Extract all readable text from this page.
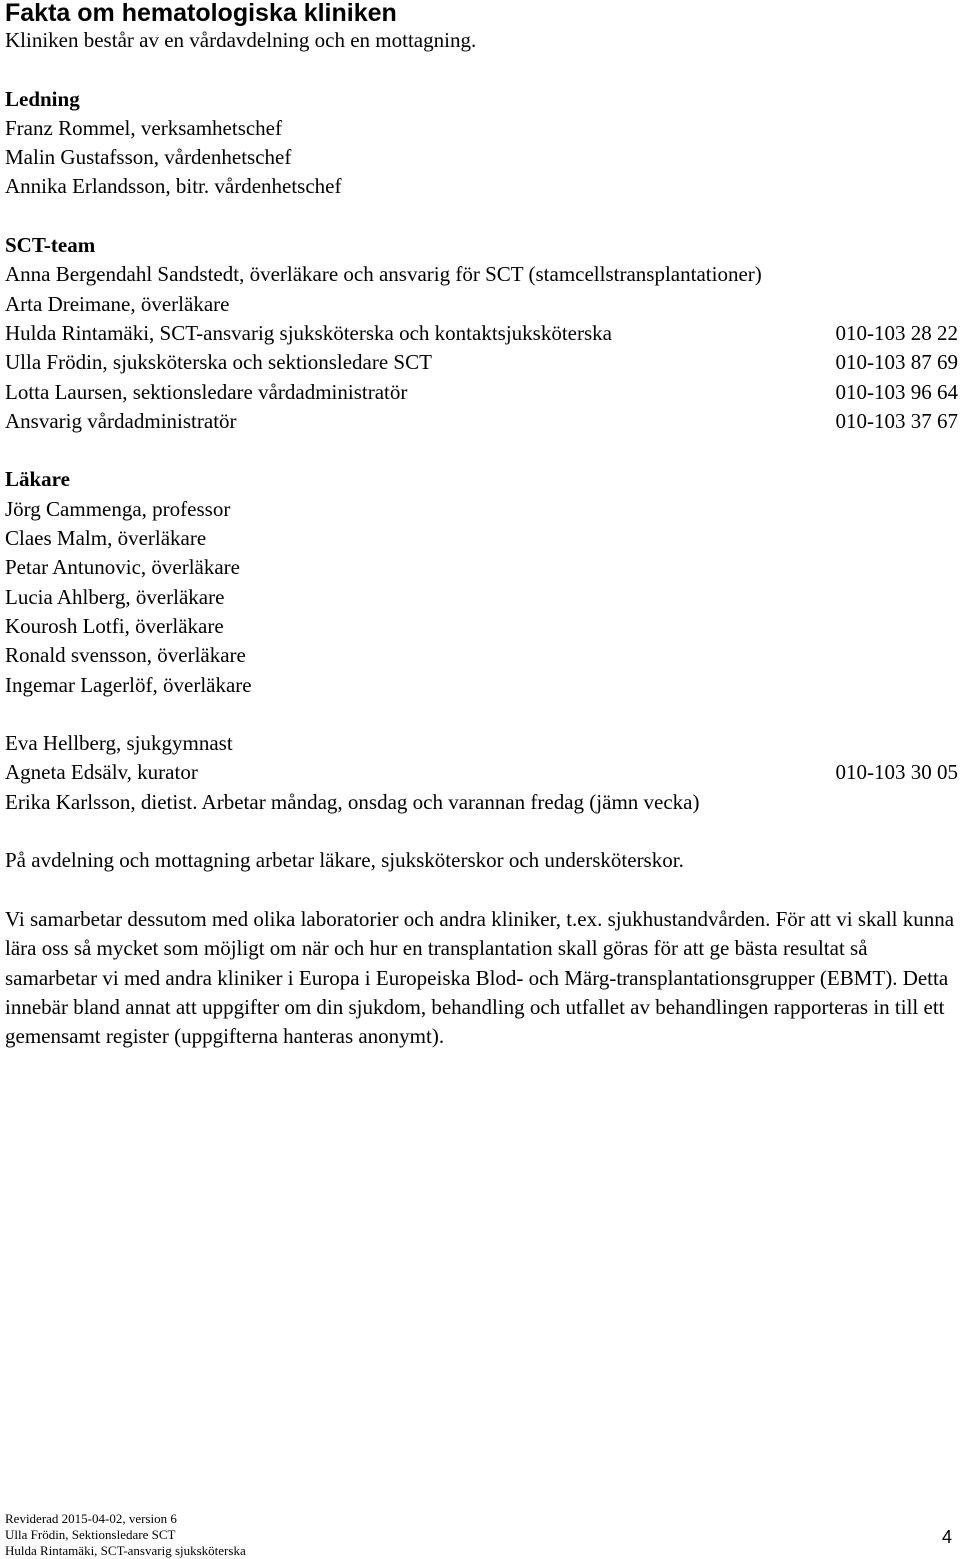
Fakta om hematologiska kliniken
Kliniken består av en vårdavdelning och en mottagning.
Ledning
Franz Rommel, verksamhetschef
Malin Gustafsson, vårdenhetschef
Annika Erlandsson, bitr. vårdenhetschef
SCT-team
Anna Bergendahl Sandstedt, överläkare och ansvarig för SCT (stamcellstransplantationer)
Arta Dreimane, överläkare
Hulda Rintamäki, SCT-ansvarig sjuksköterska och kontaktsjuksköterska	010-103 28 22
Ulla Frödin, sjuksköterska och sektionsledare SCT	010-103 87 69
Lotta Laursen, sektionsledare vårdadministratör	010-103 96 64
Ansvarig vårdadministratör	010-103 37 67
Läkare
Jörg Cammenga, professor
Claes Malm, överläkare
Petar Antunovic, överläkare
Lucia Ahlberg, överläkare
Kourosh Lotfi, överläkare
Ronald svensson, överläkare
Ingemar Lagerlöf, överläkare
Eva Hellberg, sjukgymnast
Agneta Edsälv, kurator	010-103 30 05
Erika Karlsson, dietist. Arbetar måndag, onsdag och varannan fredag (jämn vecka)
På avdelning och mottagning arbetar läkare, sjuksköterskor och undersköterskor.
Vi samarbetar dessutom med olika laboratorier och andra kliniker, t.ex. sjukhustandvården. För att vi skall kunna lära oss så mycket som möjligt om när och hur en transplantation skall göras för att ge bästa resultat så samarbetar vi med andra kliniker i Europa i Europeiska Blod- och Märg-transplantationsgrupper (EBMT). Detta innebär bland annat att uppgifter om din sjukdom, behandling och utfallet av behandlingen rapporteras in till ett gemensamt register (uppgifterna hanteras anonymt).
Reviderad 2015-04-02, version 6
Ulla Frödin, Sektionsledare SCT
Hulda Rintamäki, SCT-ansvarig sjuksköterska
4
